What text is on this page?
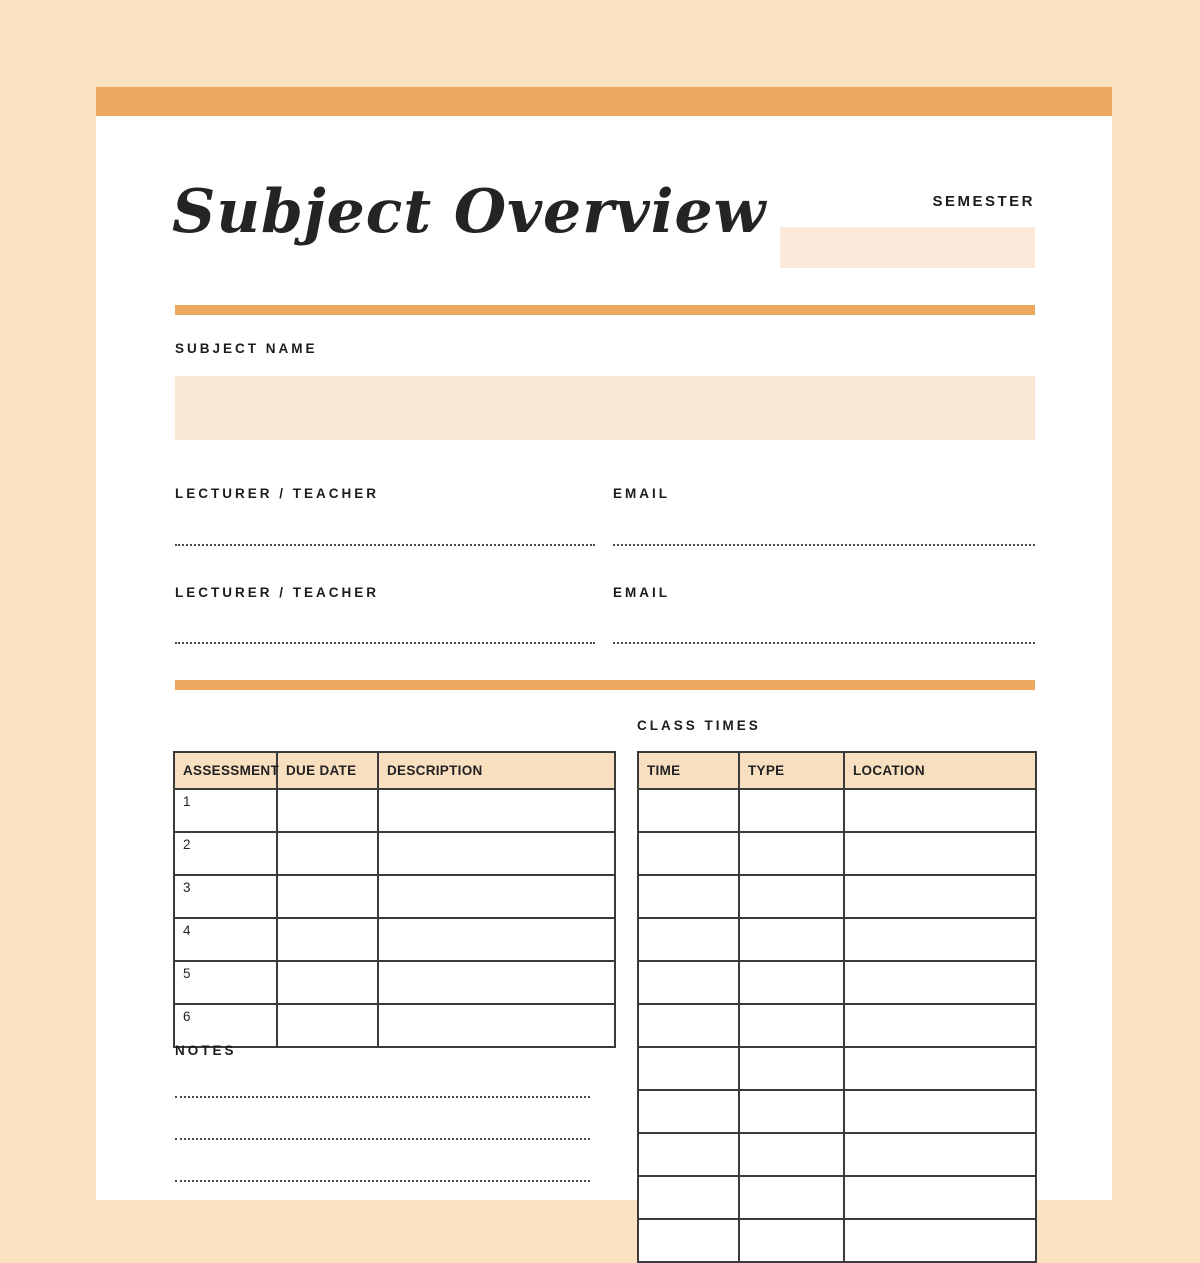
Subject Overview	SEMESTER
SUBJECT NAME
LECTURER / TEACHER	EMAIL
LECTURER / TEACHER	EMAIL
CLASS TIMES
ASSESSMENT	DUE DATE	DESCRIPTION
1		
2		
3		
4		
5		
6		
TIME	TYPE	LOCATION

NOTES
